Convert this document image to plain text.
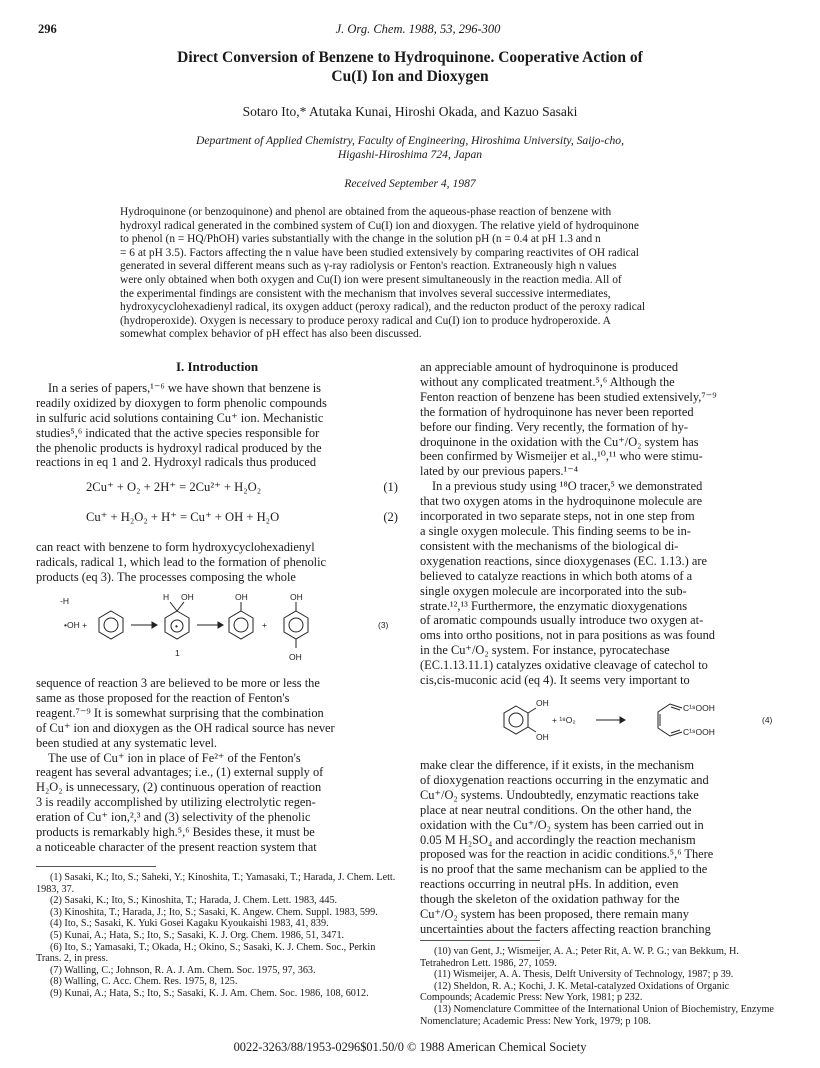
J. Org. Chem. 1988, 53, 296-300
296
Direct Conversion of Benzene to Hydroquinone. Cooperative Action of
Cu(I) Ion and Dioxygen
Sotaro Ito,* Atutaka Kunai, Hiroshi Okada, and Kazuo Sasaki
Department of Applied Chemistry, Faculty of Engineering, Hiroshima University, Saijo-cho,
Higashi-Hiroshima 724, Japan
Received September 4, 1987
Hydroquinone (or benzoquinone) and phenol are obtained from the aqueous-phase reaction of benzene with
hydroxyl radical generated in the combined system of Cu(I) ion and dioxygen. The relative yield of hydroquinone
to phenol (n = HQ/PhOH) varies substantially with the change in the solution pH (n = 0.4 at pH 1.3 and n
= 6 at pH 3.5). Factors affecting the n value have been studied extensively by comparing reactivites of OH radical
generated in several different means such as γ-ray radiolysis or Fenton's reaction. Extraneously high n values
were only obtained when both oxygen and Cu(I) ion were present simultaneously in the reaction media. All of
the experimental findings are consistent with the mechanism that involves several successive intermediates,
hydroxycyclohexadienyl radical, its oxygen adduct (peroxy radical), and the reducton product of the peroxy radical
(hydroperoxide). Oxygen is necessary to produce peroxy radical and Cu(I) ion to produce hydroperoxide. A
somewhat complex behavior of pH effect has also been discussed.
I. Introduction
In a series of papers,¹⁻⁶ we have shown that benzene is
readily oxidized by dioxygen to form phenolic compounds
in sulfuric acid solutions containing Cu⁺ ion. Mechanistic
studies⁵,⁶ indicated that the active species responsible for
the phenolic products is hydroxyl radical produced by the
reactions in eq 1 and 2. Hydroxyl radicals thus produced
2Cu⁺ + O₂ + 2H⁺ = 2Cu²⁺ + H₂O₂	(1)
Cu⁺ + H₂O₂ + H⁺ = Cu⁺ + OH + H₂O	(2)
can react with benzene to form hydroxycyclohexadienyl
radicals, radical 1, which lead to the formation of phenolic
products (eq 3). The processes composing the whole
-H
•OH +
H OH	OH
+
OH
OH
•
1
(3)
sequence of reaction 3 are believed to be more or less the
same as those proposed for the reaction of Fenton's
reagent.⁷⁻⁹ It is somewhat surprising that the combination
of Cu⁺ ion and dioxygen as the OH radical source has never
been studied at any systematic level.
The use of Cu⁺ ion in place of Fe²⁺ of the Fenton's
reagent has several advantages; i.e., (1) external supply of
H₂O₂ is unnecessary, (2) continuous operation of reaction
3 is readily accomplished by utilizing electrolytic regen-
eration of Cu⁺ ion,²,³ and (3) selectivity of the phenolic
products is remarkably high.⁵,⁶ Besides these, it must be
a noticeable character of the present reaction system that
(1) Sasaki, K.; Ito, S.; Saheki, Y.; Kinoshita, T.; Yamasaki, T.; Harada, J. Chem. Lett. 1983, 37.
(2) Sasaki, K.; Ito, S.; Kinoshita, T.; Harada, J. Chem. Lett. 1983, 445.
(3) Kinoshita, T.; Harada, J.; Ito, S.; Sasaki, K. Angew. Chem. Suppl. 1983, 599.
(4) Ito, S.; Sasaki, K. Yuki Gosei Kagaku Kyoukaishi 1983, 41, 839.
(5) Kunai, A.; Hata, S.; Ito, S.; Sasaki, K. J. Org. Chem. 1986, 51, 3471.
(6) Ito, S.; Yamasaki, T.; Okada, H.; Okino, S.; Sasaki, K. J. Chem. Soc., Perkin Trans. 2, in press.
(7) Walling, C.; Johnson, R. A. J. Am. Chem. Soc. 1975, 97, 363.
(8) Walling, C. Acc. Chem. Res. 1975, 8, 125.
(9) Kunai, A.; Hata, S.; Ito, S.; Sasaki, K. J. Am. Chem. Soc. 1986, 108, 6012.
an appreciable amount of hydroquinone is produced
without any complicated treatment.⁵,⁶ Although the
Fenton reaction of benzene has been studied extensively,⁷⁻⁹
the formation of hydroquinone has never been reported
before our finding. Very recently, the formation of hy-
droquinone in the oxidation with the Cu⁺/O₂ system has
been confirmed by Wismeijer et al.,¹⁰,¹¹ who were stimu-
lated by our previous papers.¹⁻⁴
In a previous study using ¹⁸O tracer,⁵ we demonstrated
that two oxygen atoms in the hydroquinone molecule are
incorporated in two separate steps, not in one step from
a single oxygen molecule. This finding seems to be in-
consistent with the mechanisms of the biological di-
oxygenation reactions, since dioxygenases (EC. 1.13.) are
believed to catalyze reactions in which both atoms of a
single oxygen molecule are incorporated into the sub-
strate.¹²,¹³ Furthermore, the enzymatic dioxygenations
of aromatic compounds usually introduce two oxygen at-
oms into ortho positions, not in para positions as was found
in the Cu⁺/O₂ system. For instance, pyrocatechase
(EC.1.13.11.1) catalyzes oxidative cleavage of catechol to
cis,cis-muconic acid (eq 4). It seems very important to
OH
OH
+ ¹⁸O₂
C¹⁸OOH
C¹⁸OOH
(4)
make clear the difference, if it exists, in the mechanism
of dioxygenation reactions occurring in the enzymatic and
Cu⁺/O₂ systems. Undoubtedly, enzymatic reactions take
place at near neutral conditions. On the other hand, the
oxidation with the Cu⁺/O₂ system has been carried out in
0.05 M H₂SO₄ and accordingly the reaction mechanism
proposed was for the reaction in acidic conditions.⁵,⁶ There
is no proof that the same mechanism can be applied to the
reactions occurring in neutral pHs. In addition, even
though the skeleton of the oxidation pathway for the
Cu⁺/O₂ system has been proposed, there remain many
uncertainties about the facters affecting reaction branching
(10) van Gent, J.; Wismeijer, A. A.; Peter Rit, A. W. P. G.; van Bekkum, H. Tetrahedron Lett. 1986, 27, 1059.
(11) Wismeijer, A. A. Thesis, Delft University of Technology, 1987; p 39.
(12) Sheldon, R. A.; Kochi, J. K. Metal-catalyzed Oxidations of Organic Compounds; Academic Press: New York, 1981; p 232.
(13) Nomenclature Committee of the International Union of Biochemistry, Enzyme Nomenclature; Academic Press: New York, 1979; p 108.
0022-3263/88/1953-0296$01.50/0 © 1988 American Chemical Society
